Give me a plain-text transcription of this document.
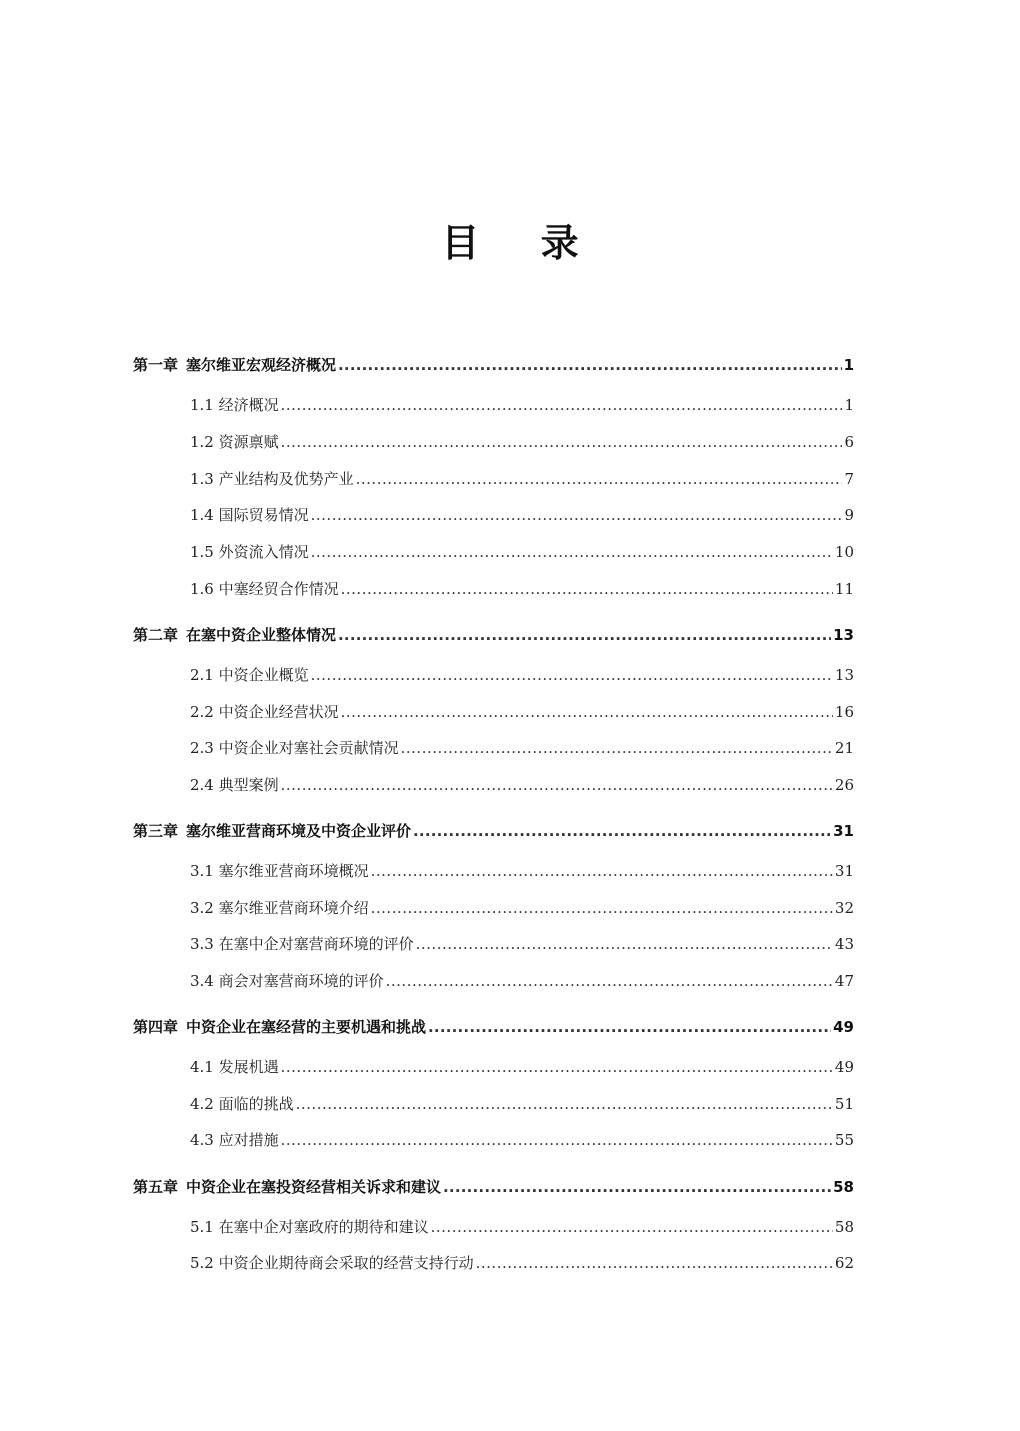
目 录
第一章 塞尔维亚宏观经济概况 .....	1
1.1 经济概况 .....	1
1.2 资源禀赋 .....	6
1.3 产业结构及优势产业 .....	7
1.4 国际贸易情况 .....	9
1.5 外资流入情况 .....	10
1.6 中塞经贸合作情况 .....	11
第二章 在塞中资企业整体情况 .....	13
2.1 中资企业概览 .....	13
2.2 中资企业经营状况 .....	16
2.3 中资企业对塞社会贡献情况 .....	21
2.4 典型案例 .....	26
第三章 塞尔维亚营商环境及中资企业评价 .....	31
3.1 塞尔维亚营商环境概况 .....	31
3.2 塞尔维亚营商环境介绍 .....	32
3.3 在塞中企对塞营商环境的评价 .....	43
3.4 商会对塞营商环境的评价 .....	47
第四章 中资企业在塞经营的主要机遇和挑战 .....	49
4.1 发展机遇 .....	49
4.2 面临的挑战 .....	51
4.3 应对措施 .....	55
第五章 中资企业在塞投资经营相关诉求和建议 .....	58
5.1 在塞中企对塞政府的期待和建议 .....	58
5.2 中资企业期待商会采取的经营支持行动 .....	62
